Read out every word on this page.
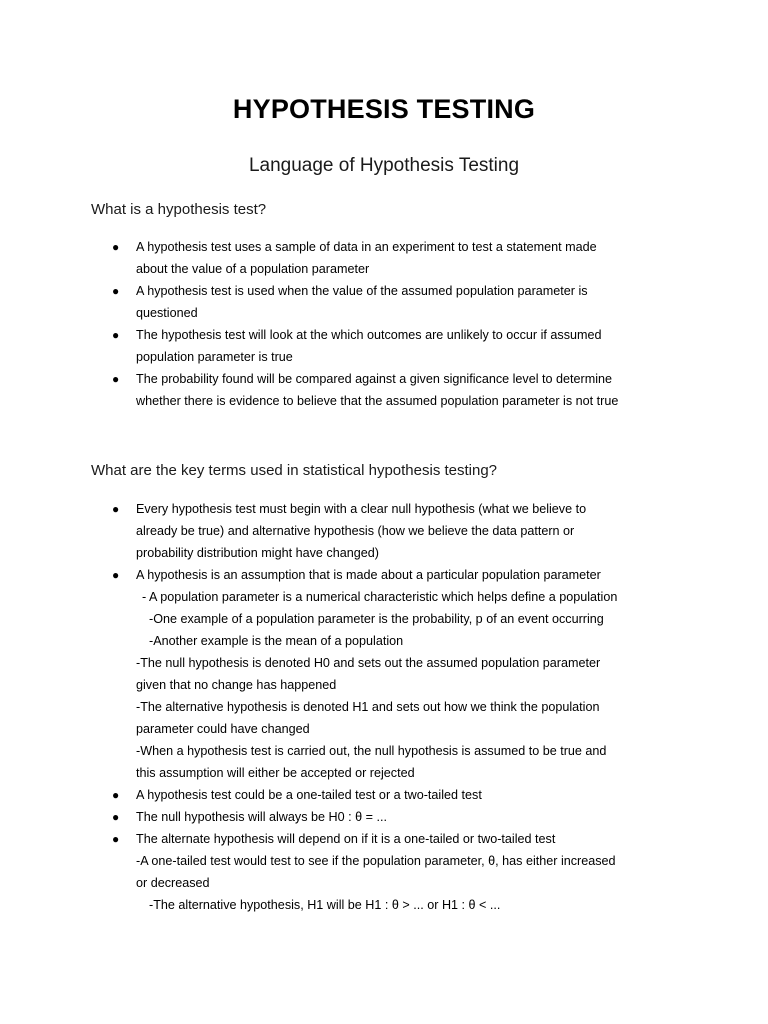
HYPOTHESIS TESTING
Language of Hypothesis Testing
What is a hypothesis test?
● A hypothesis test uses a sample of data in an experiment to test a statement made
about the value of a population parameter
● A hypothesis test is used when the value of the assumed population parameter is
questioned
● The hypothesis test will look at the which outcomes are unlikely to occur if assumed
population parameter is true
● The probability found will be compared against a given significance level to determine
whether there is evidence to believe that the assumed population parameter is not true
What are the key terms used in statistical hypothesis testing?
● Every hypothesis test must begin with a clear null hypothesis (what we believe to
already be true) and alternative hypothesis (how we believe the data pattern or
probability distribution might have changed)
● A hypothesis is an assumption that is made about a particular population parameter
- A population parameter is a numerical characteristic which helps define a population
-One example of a population parameter is the probability, p of an event occurring
-Another example is the mean of a population
-The null hypothesis is denoted H0 and sets out the assumed population parameter
given that no change has happened
-The alternative hypothesis is denoted H1 and sets out how we think the population
parameter could have changed
-When a hypothesis test is carried out, the null hypothesis is assumed to be true and
this assumption will either be accepted or rejected
● A hypothesis test could be a one-tailed test or a two-tailed test
● The null hypothesis will always be H0 : θ = ...
● The alternate hypothesis will depend on if it is a one-tailed or two-tailed test
-A one-tailed test would test to see if the population parameter, θ, has either increased
or decreased
-The alternative hypothesis, H1 will be H1 : θ > ... or H1 : θ < ...
